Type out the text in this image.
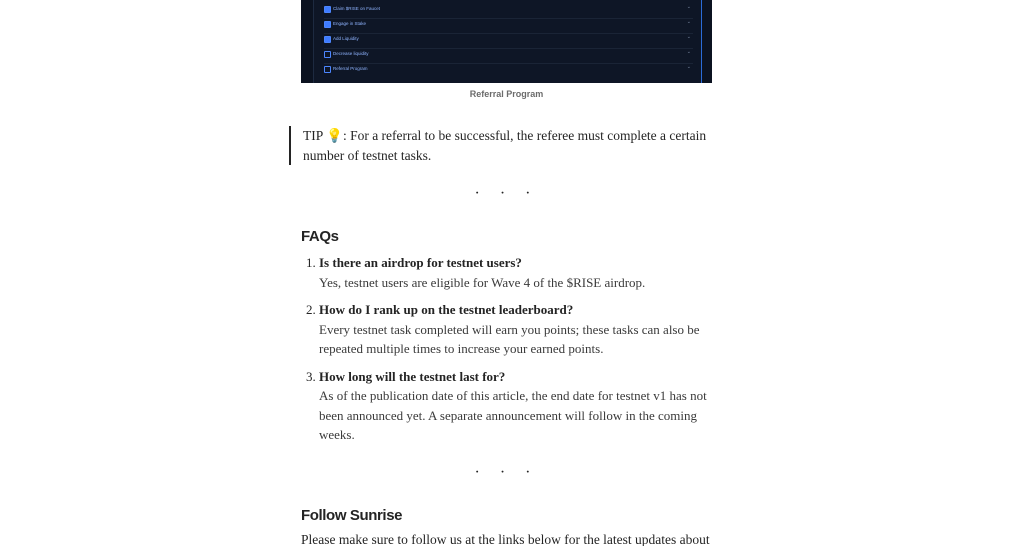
Claim $RISE on Faucet	⌄
Engage in Stake	⌄
Add Liquidity	⌄
Decrease liquidity	⌄
Referral Program	⌄
Referral Program
TIP 💡: For a referral to be successful, the referee must complete a certain number of testnet tasks.
· · ·
FAQs
1. Is there an airdrop for testnet users?
Yes, testnet users are eligible for Wave 4 of the $RISE airdrop.
2. How do I rank up on the testnet leaderboard?
Every testnet task completed will earn you points; these tasks can also be repeated multiple times to increase your earned points.
3. How long will the testnet last for?
As of the publication date of this article, the end date for testnet v1 has not been announced yet. A separate announcement will follow in the coming weeks.
· · ·
Follow Sunrise
Please make sure to follow us at the links below for the latest updates about
